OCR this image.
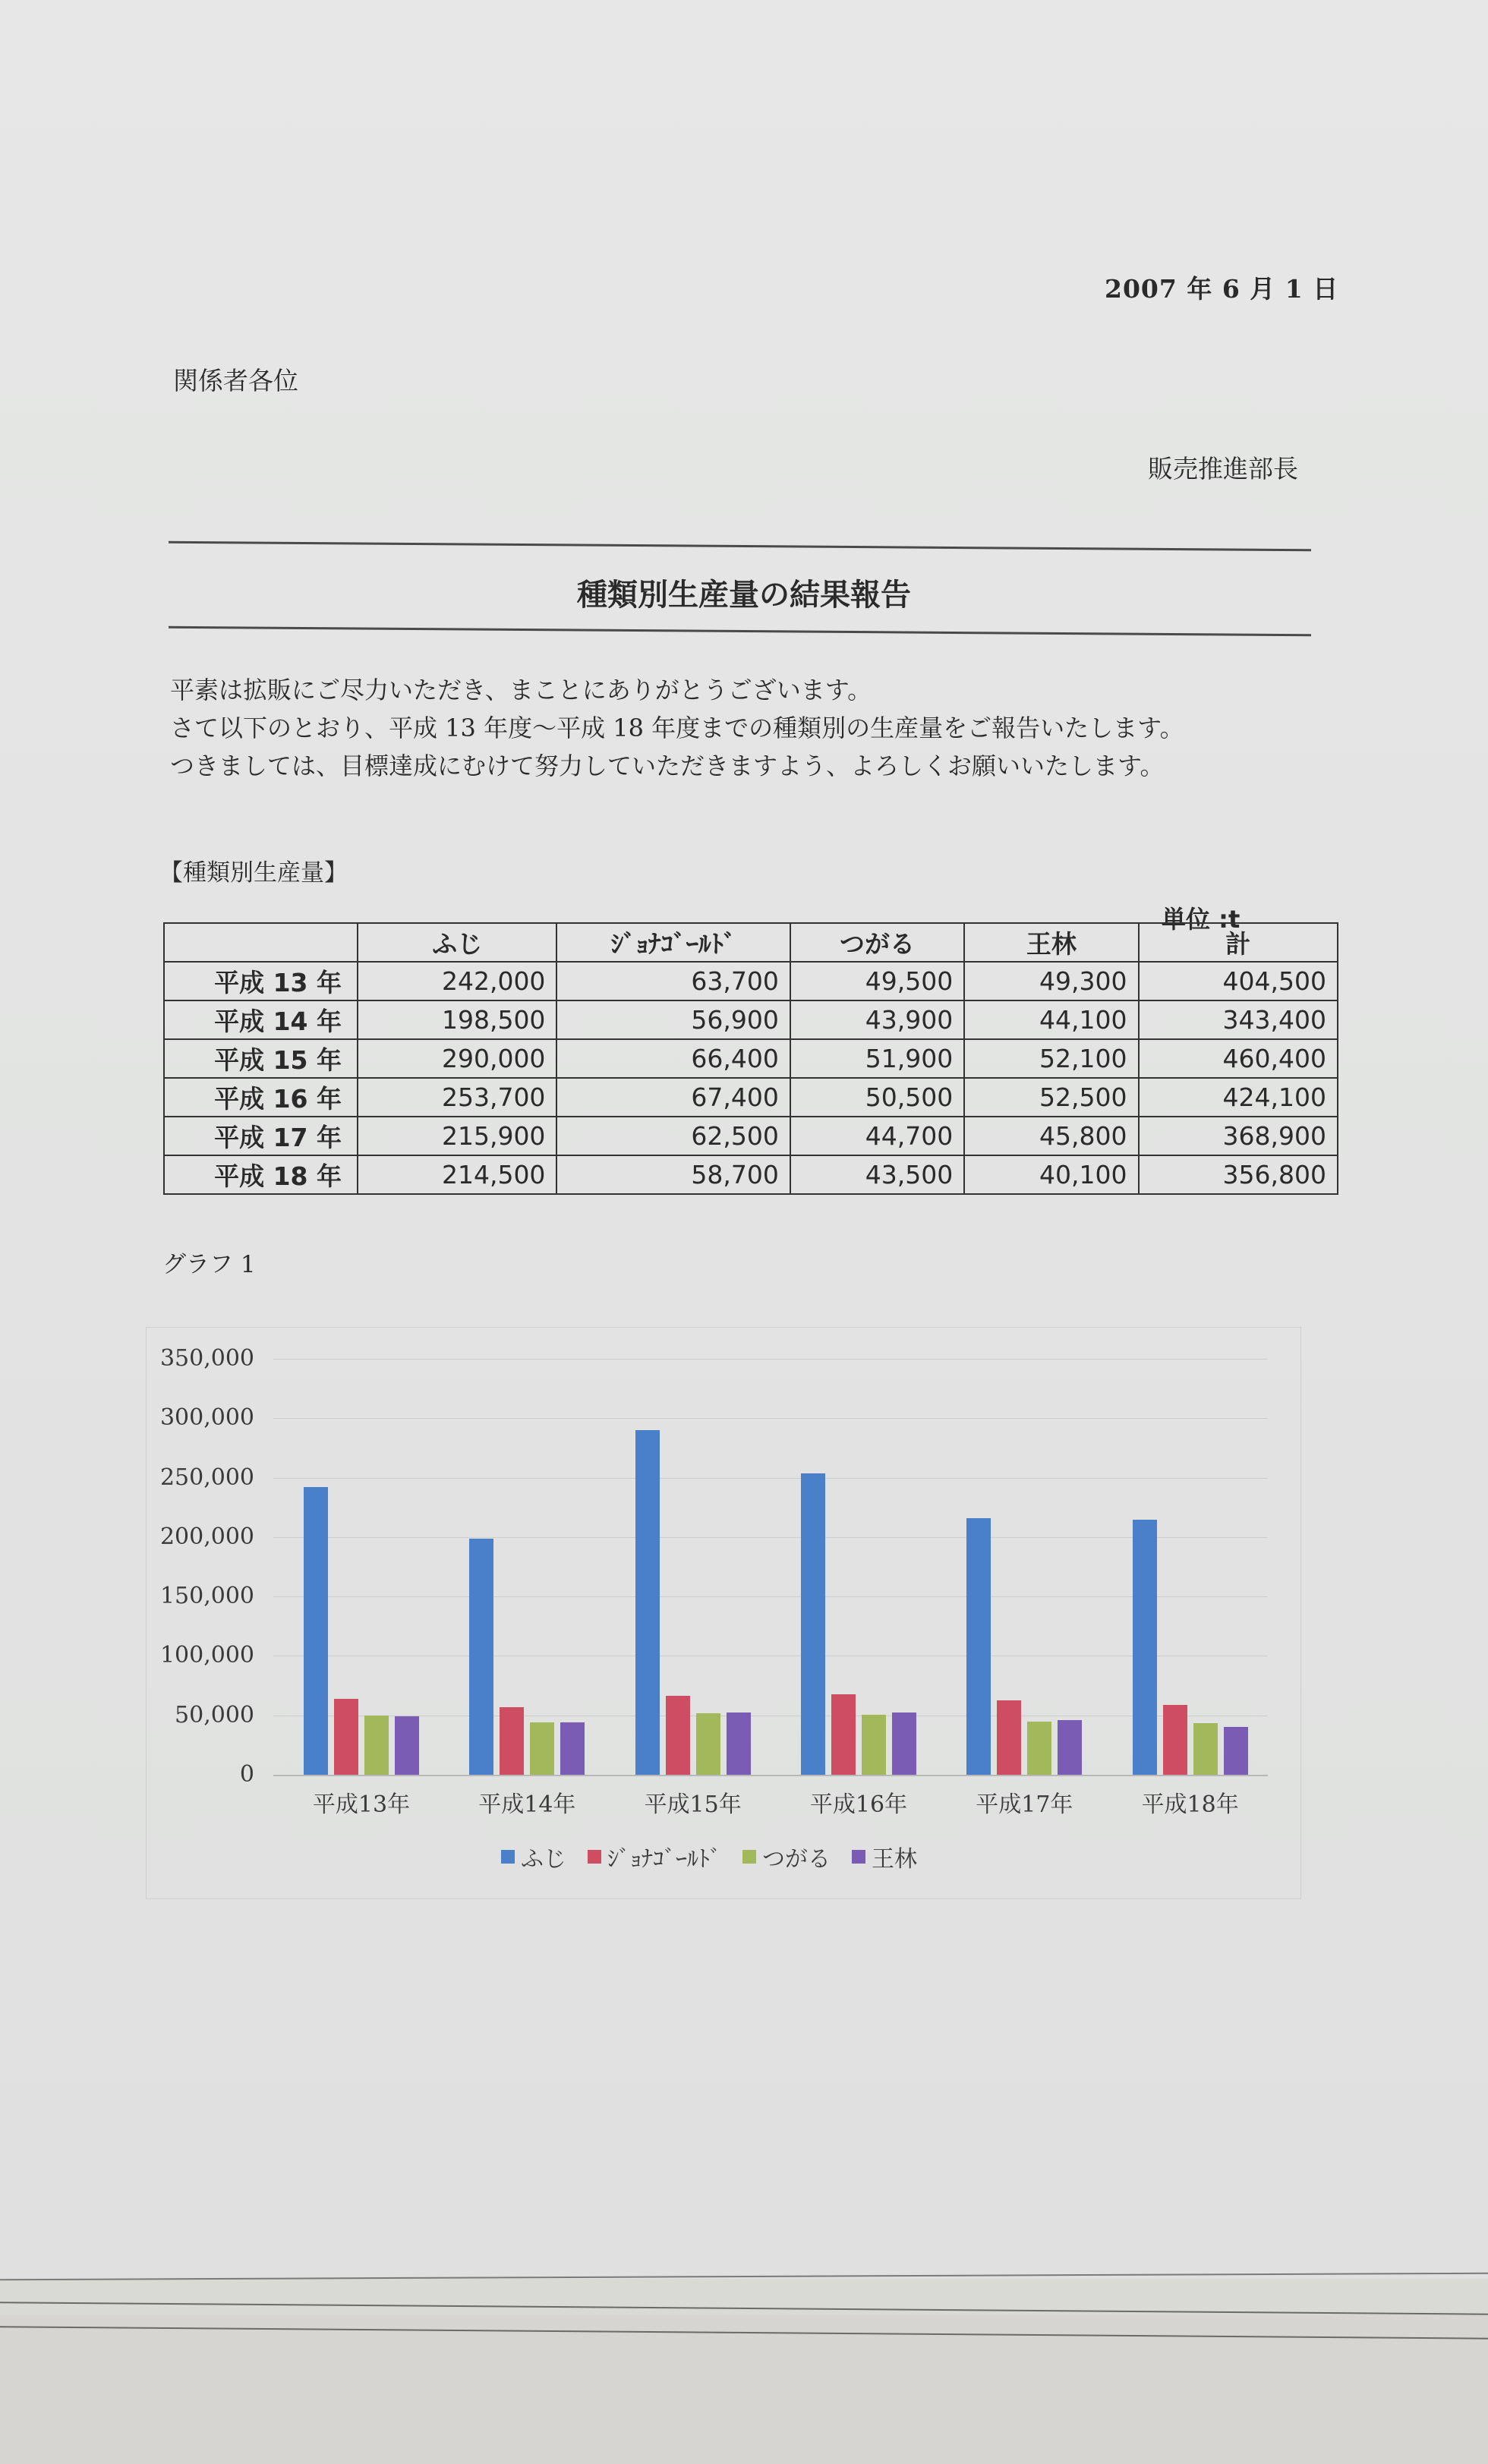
2007 年 6 月 1 日
関係者各位
販売推進部長
種類別生産量の結果報告
平素は拡販にご尽力いただき、まことにありがとうございます。
さて以下のとおり、平成 13 年度～平成 18 年度までの種類別の生産量をご報告いたします。
つきましては、目標達成にむけて努力していただきますよう、よろしくお願いいたします。
【種類別生産量】
単位 :t
	ふじ	ｼﾞｮﾅｺﾞｰﾙﾄﾞ	つがる	王林	計
平成 13 年	242,000	63,700	49,500	49,300	404,500
平成 14 年	198,500	56,900	43,900	44,100	343,400
平成 15 年	290,000	66,400	51,900	52,100	460,400
平成 16 年	253,700	67,400	50,500	52,500	424,100
平成 17 年	215,900	62,500	44,700	45,800	368,900
平成 18 年	214,500	58,700	43,500	40,100	356,800
グラフ 1
350,000
300,000
250,000
200,000
150,000
100,000
50,000
0
平成13年	平成14年	平成15年	平成16年	平成17年	平成18年
ふじ ｼﾞｮﾅｺﾞｰﾙﾄﾞ つがる 王林
